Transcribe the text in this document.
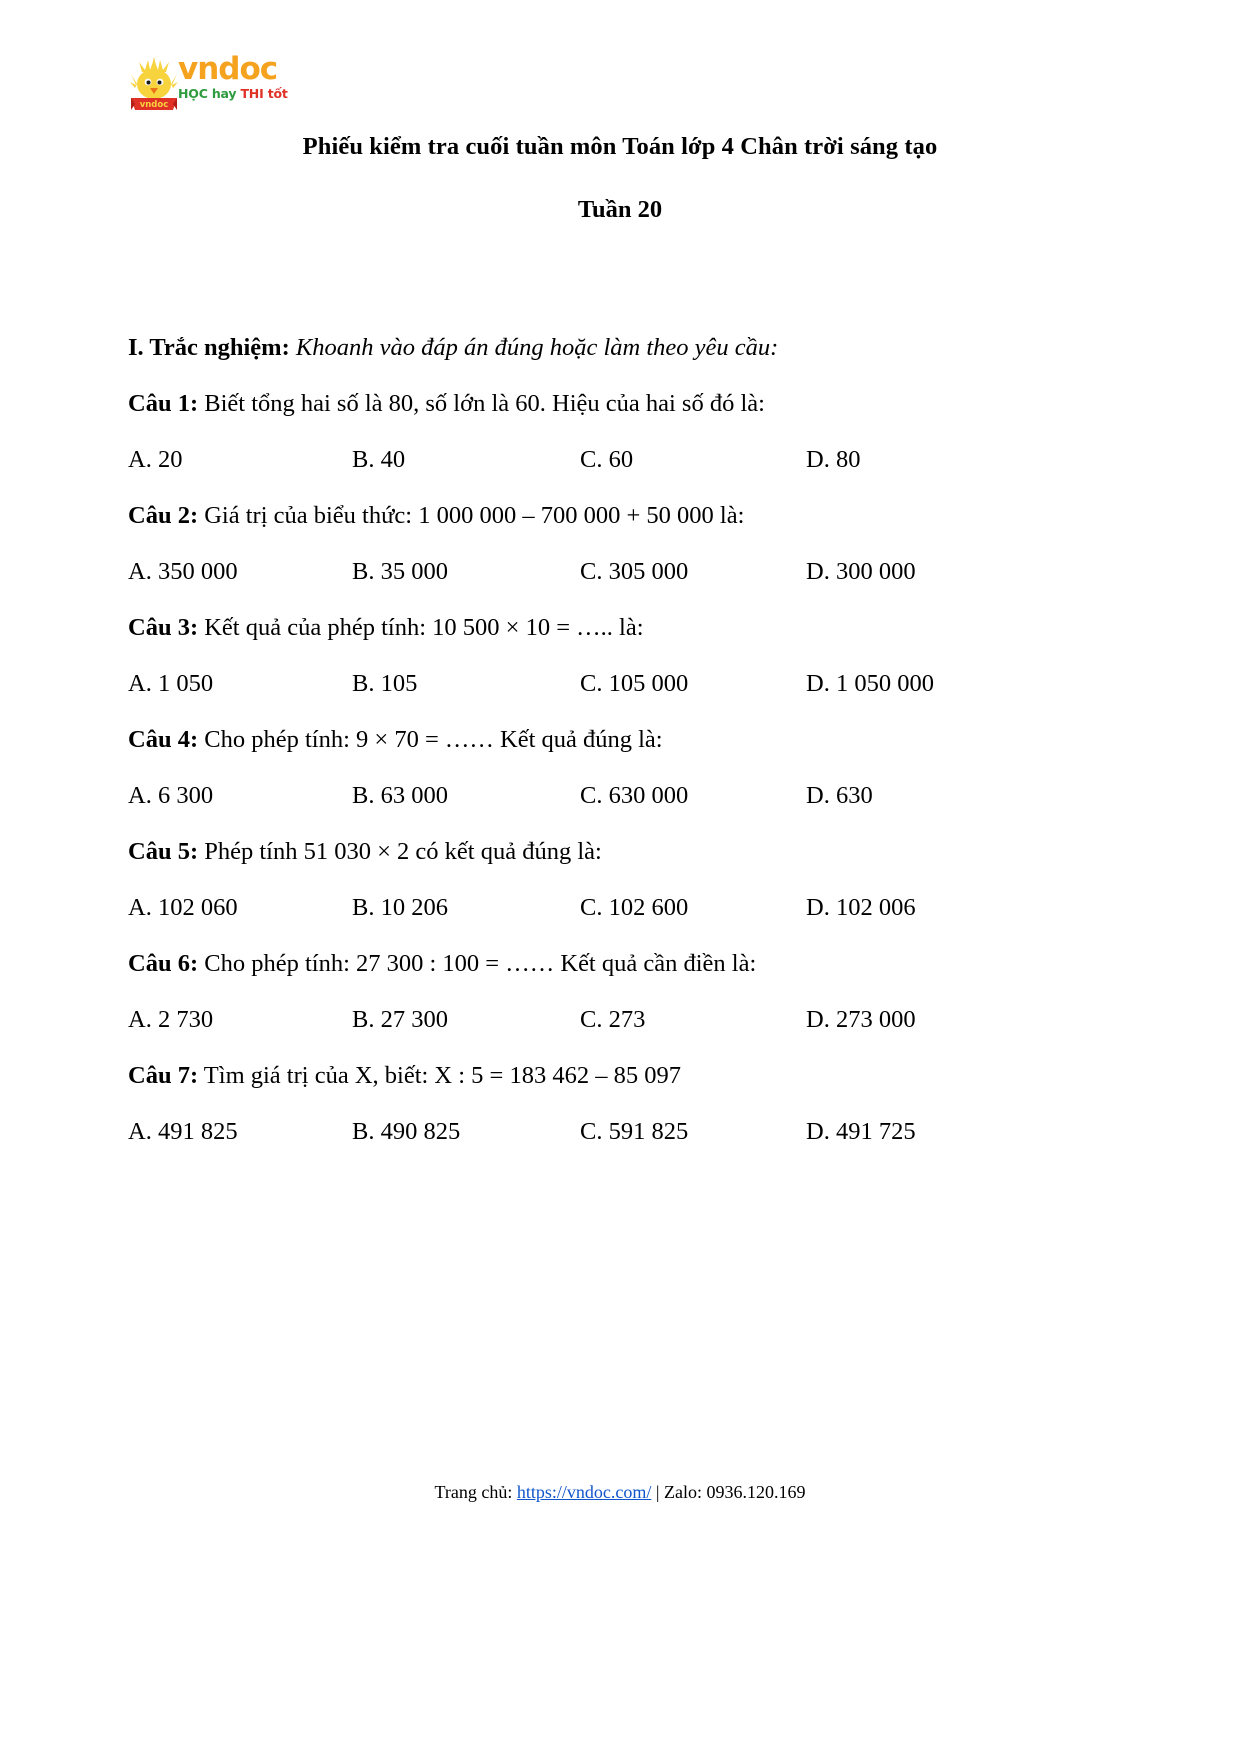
vndoc
vndoc
HỌC hay THI tốt
Phiếu kiểm tra cuối tuần môn Toán lớp 4 Chân trời sáng tạo
Tuần 20
I. Trắc nghiệm: Khoanh vào đáp án đúng hoặc làm theo yêu cầu:
Câu 1: Biết tổng hai số là 80, số lớn là 60. Hiệu của hai số đó là:
A. 20	B. 40	C. 60	D. 80
Câu 2: Giá trị của biểu thức: 1 000 000 – 700 000 + 50 000 là:
A. 350 000	B. 35 000	C. 305 000	D. 300 000
Câu 3: Kết quả của phép tính: 10 500 × 10 = ….. là:
A. 1 050	B. 105	C. 105 000	D. 1 050 000
Câu 4: Cho phép tính: 9 × 70 = …… Kết quả đúng là:
A. 6 300	B. 63 000	C. 630 000	D. 630
Câu 5: Phép tính 51 030 × 2 có kết quả đúng là:
A. 102 060	B. 10 206	C. 102 600	D. 102 006
Câu 6: Cho phép tính: 27 300 : 100 = …… Kết quả cần điền là:
A. 2 730	B. 27 300	C. 273	D. 273 000
Câu 7: Tìm giá trị của X, biết: X : 5 = 183 462 – 85 097
A. 491 825	B. 490 825	C. 591 825	D. 491 725
Trang chủ: https://vndoc.com/ | Zalo: 0936.120.169
